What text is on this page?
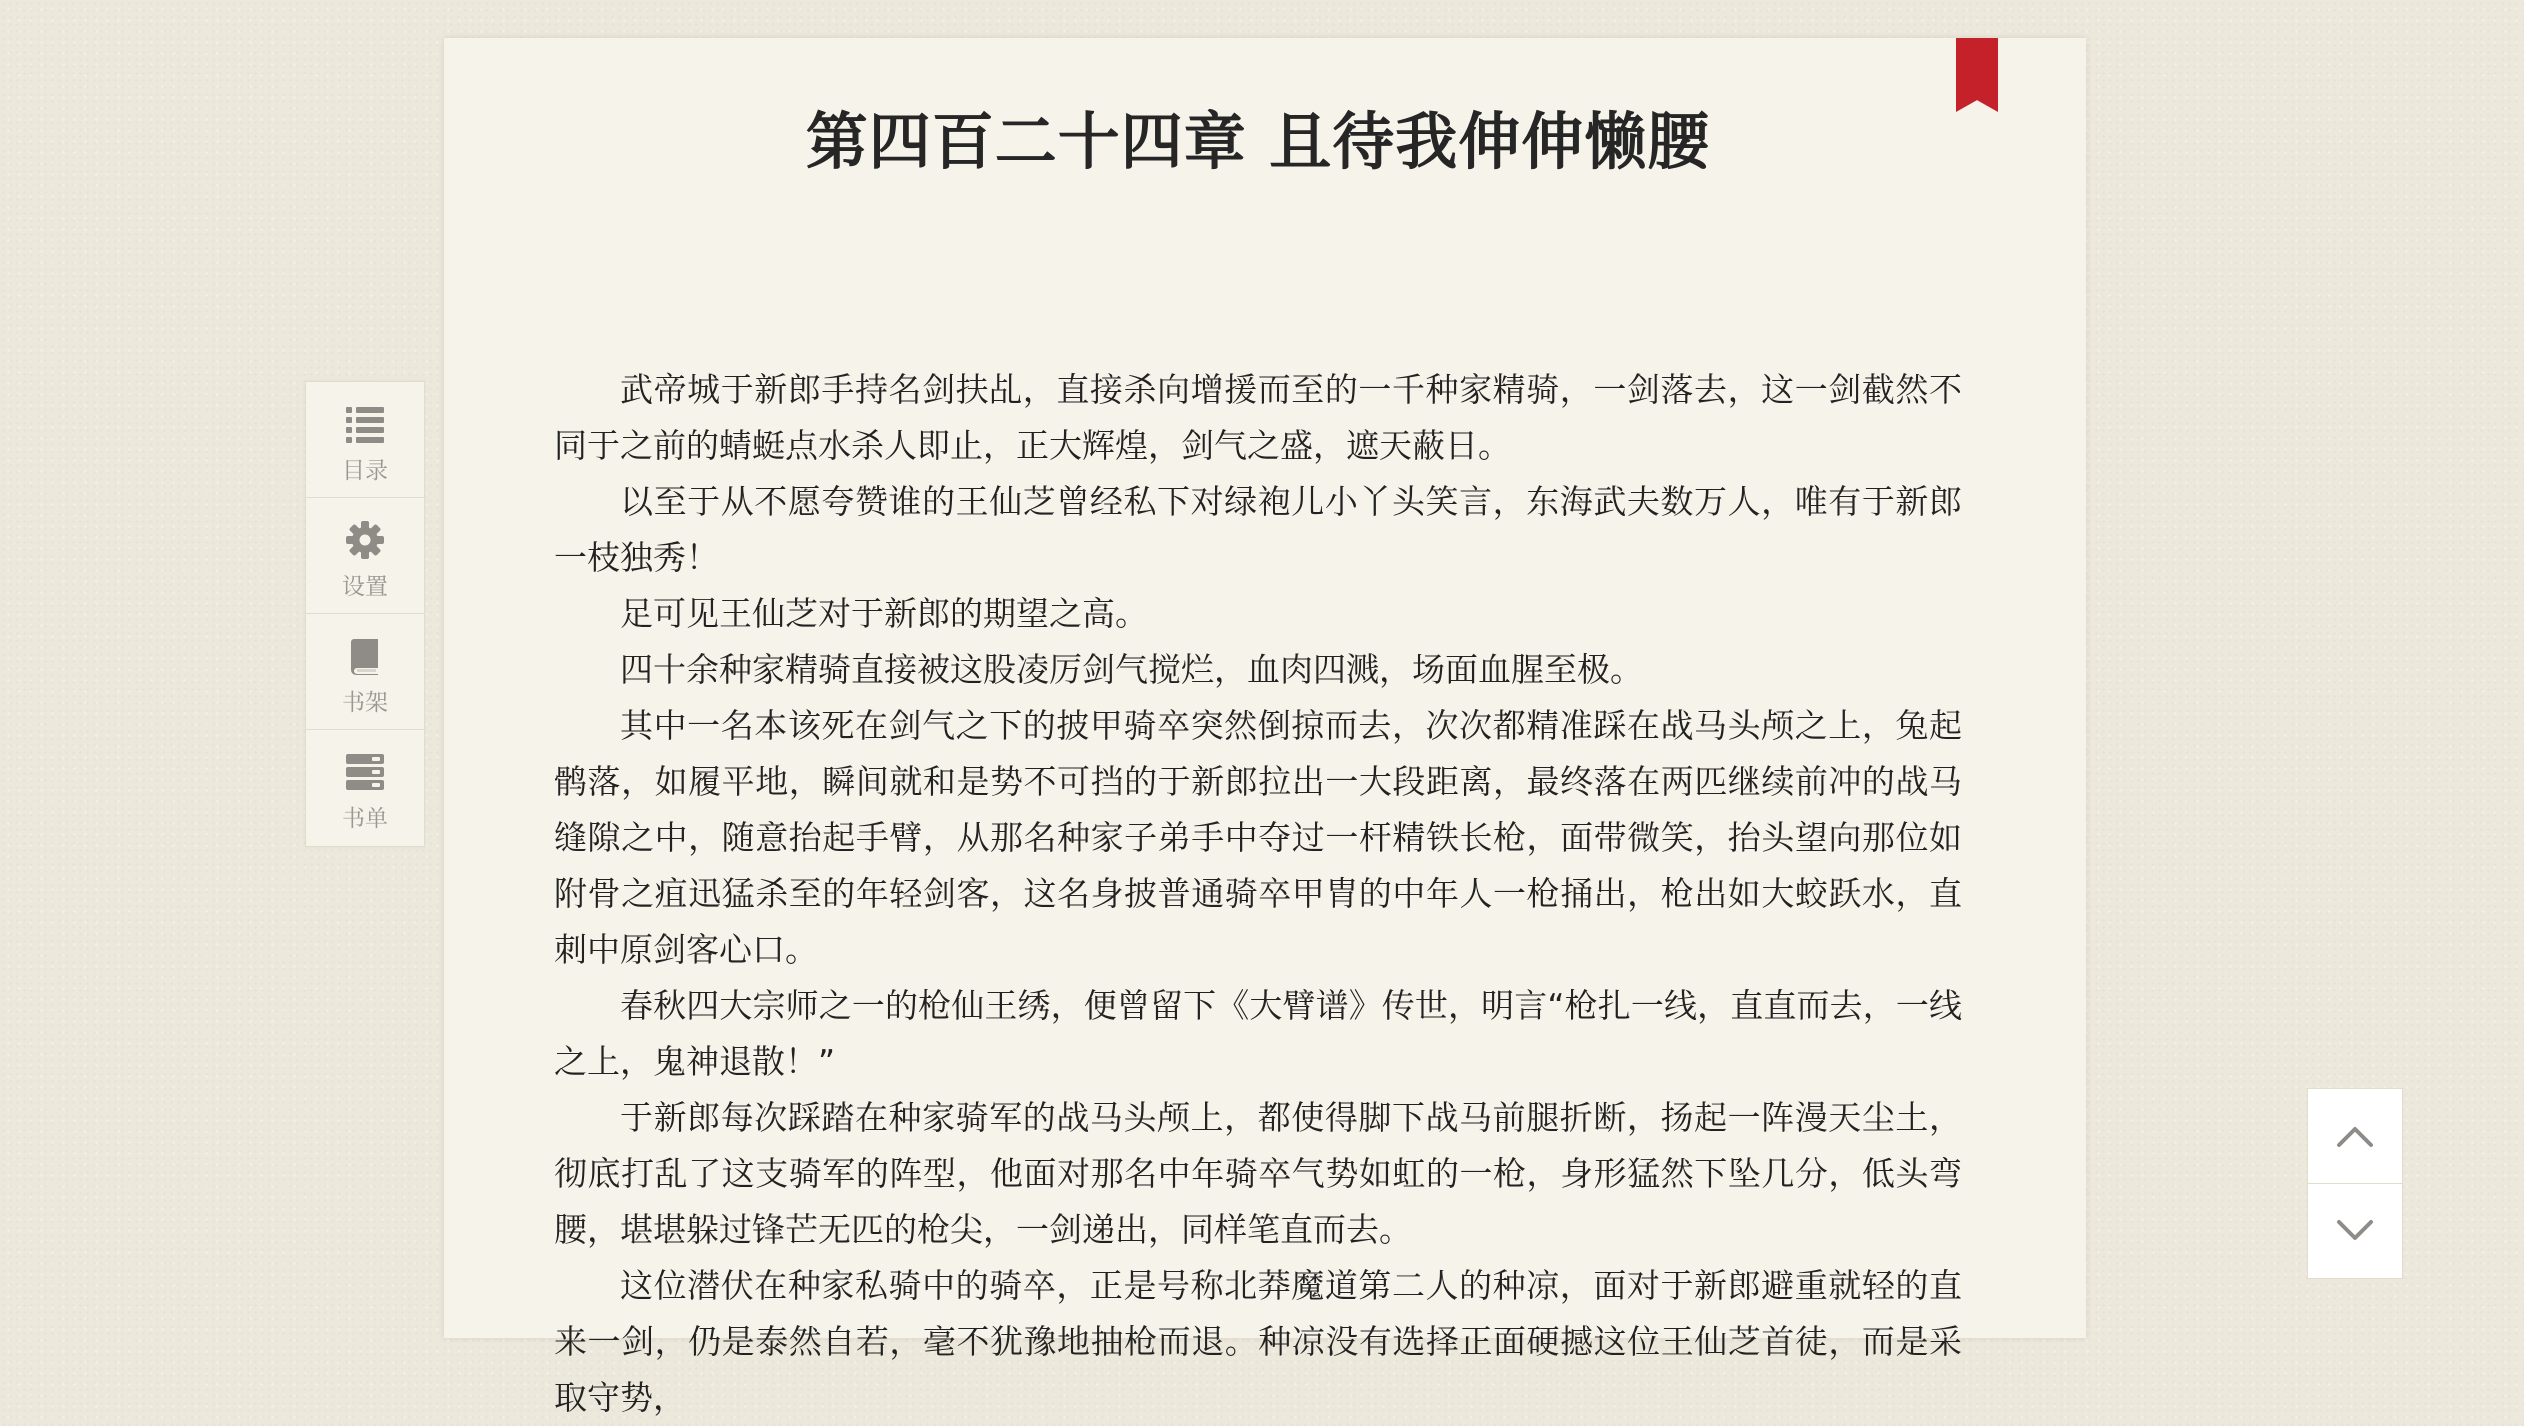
第四百二十四章 且待我伸伸懒腰

武帝城于新郎手持名剑扶乩，直接杀向增援而至的一千种家精骑，一剑落去，这一剑截然不同于之前的蜻蜓点水杀人即止，正大辉煌，剑气之盛，遮天蔽日。

以至于从不愿夸赞谁的王仙芝曾经私下对绿袍儿小丫头笑言，东海武夫数万人，唯有于新郎一枝独秀！

足可见王仙芝对于新郎的期望之高。

四十余种家精骑直接被这股凌厉剑气搅烂，血肉四溅，场面血腥至极。

其中一名本该死在剑气之下的披甲骑卒突然倒掠而去，次次都精准踩在战马头颅之上，兔起鹘落，如履平地，瞬间就和是势不可挡的于新郎拉出一大段距离，最终落在两匹继续前冲的战马缝隙之中，随意抬起手臂，从那名种家子弟手中夺过一杆精铁长枪，面带微笑，抬头望向那位如附骨之疽迅猛杀至的年轻剑客，这名身披普通骑卒甲胄的中年人一枪捅出，枪出如大蛟跃水，直刺中原剑客心口。

春秋四大宗师之一的枪仙王绣，便曾留下《大臂谱》传世，明言“枪扎一线，直直而去，一线之上，鬼神退散！”

于新郎每次踩踏在种家骑军的战马头颅上，都使得脚下战马前腿折断，扬起一阵漫天尘土，彻底打乱了这支骑军的阵型，他面对那名中年骑卒气势如虹的一枪，身形猛然下坠几分，低头弯腰，堪堪躲过锋芒无匹的枪尖，一剑递出，同样笔直而去。

这位潜伏在种家私骑中的骑卒，正是号称北莽魔道第二人的种凉，面对于新郎避重就轻的直来一剑，仍是泰然自若，毫不犹豫地抽枪而退。种凉没有选择正面硬撼这位王仙芝首徒，而是采取守势，

目录
设置
书架
书单
